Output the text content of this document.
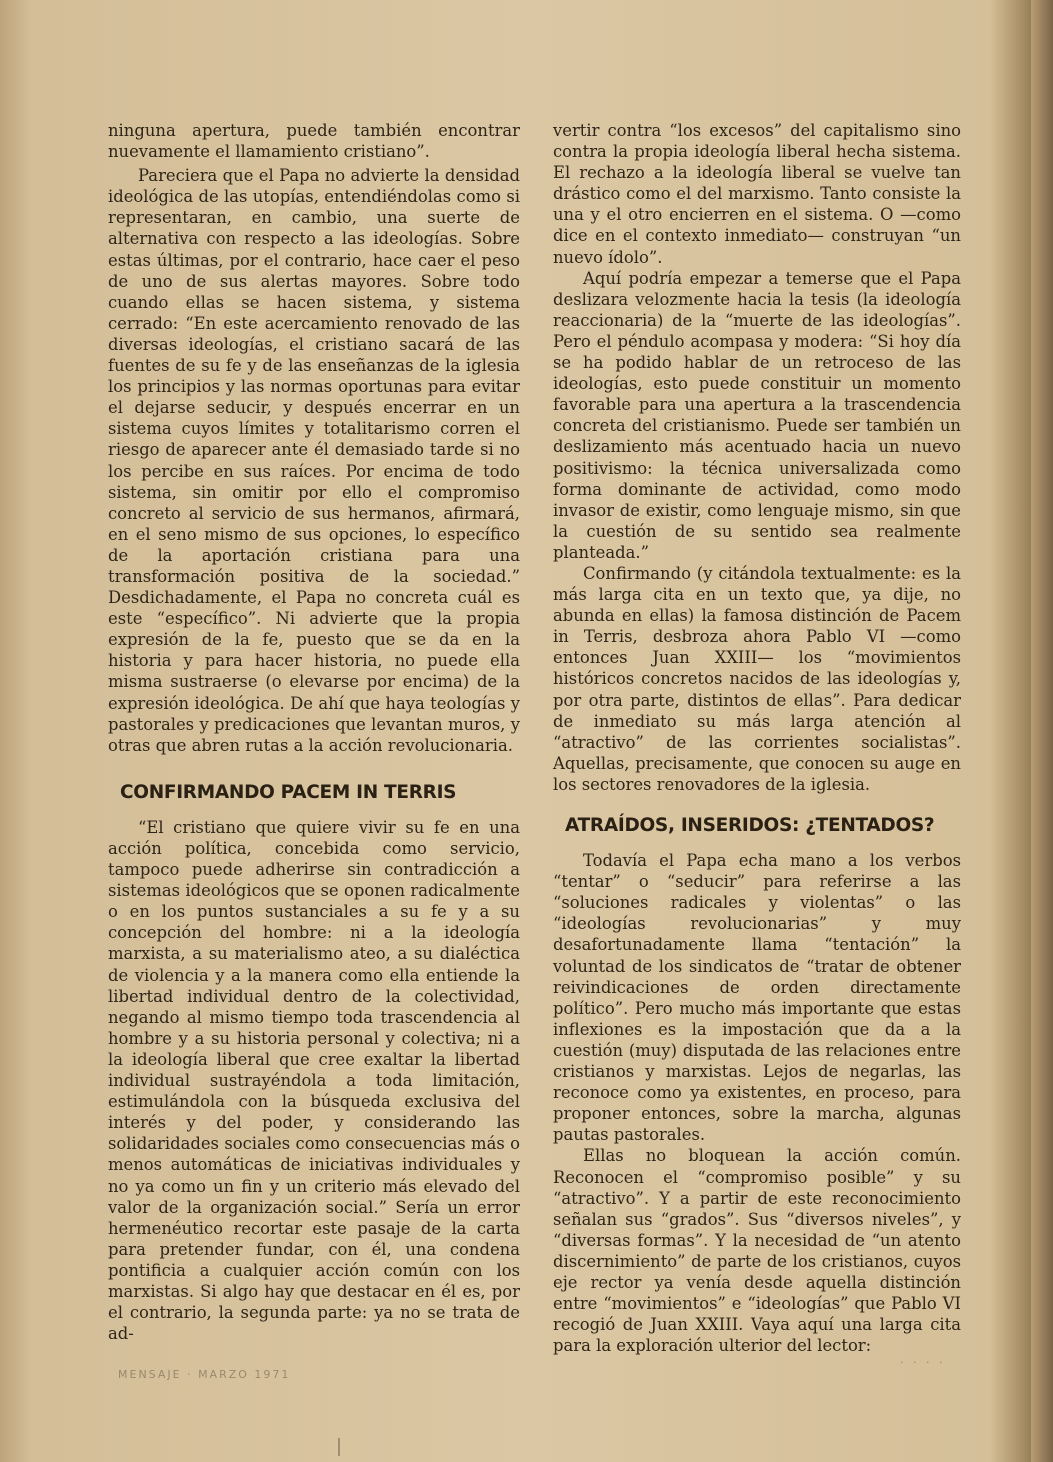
ninguna apertura, puede también encontrar nuevamente el llamamiento cristiano”.

Pareciera que el Papa no advierte la densidad ideológica de las utopías, entendiéndolas como si representaran, en cambio, una suerte de alternativa con respecto a las ideologías. Sobre estas últimas, por el contrario, hace caer el peso de uno de sus alertas mayores. Sobre todo cuando ellas se hacen sistema, y sistema cerrado: “En este acercamiento renovado de las diversas ideologías, el cristiano sacará de las fuentes de su fe y de las enseñanzas de la iglesia los principios y las normas oportunas para evitar el dejarse seducir, y después encerrar en un sistema cuyos límites y totalitarismo corren el riesgo de aparecer ante él demasiado tarde si no los percibe en sus raíces. Por encima de todo sistema, sin omitir por ello el compromiso concreto al servicio de sus hermanos, afirmará, en el seno mismo de sus opciones, lo específico de la aportación cristiana para una transformación positiva de la sociedad.” Desdichadamente, el Papa no concreta cuál es este “específico”. Ni advierte que la propia expresión de la fe, puesto que se da en la historia y para hacer historia, no puede ella misma sustraerse (o elevarse por encima) de la expresión ideológica. De ahí que haya teologías y pastorales y predicaciones que levantan muros, y otras que abren rutas a la acción revolucionaria.

CONFIRMANDO PACEM IN TERRIS

“El cristiano que quiere vivir su fe en una acción política, concebida como servicio, tampoco puede adherirse sin contradicción a sistemas ideológicos que se oponen radicalmente o en los puntos sustanciales a su fe y a su concepción del hombre: ni a la ideología marxista, a su materialismo ateo, a su dialéctica de violencia y a la manera como ella entiende la libertad individual dentro de la colectividad, negando al mismo tiempo toda trascendencia al hombre y a su historia personal y colectiva; ni a la ideología liberal que cree exaltar la libertad individual sustrayéndola a toda limitación, estimulándola con la búsqueda exclusiva del interés y del poder, y considerando las solidaridades sociales como consecuencias más o menos automáticas de iniciativas individuales y no ya como un fin y un criterio más elevado del valor de la organización social.” Sería un error hermenéutico recortar este pasaje de la carta para pretender fundar, con él, una condena pontificia a cualquier acción común con los marxistas. Si algo hay que destacar en él es, por el contrario, la segunda parte: ya no se trata de ad-

vertir contra “los excesos” del capitalismo sino contra la propia ideología liberal hecha sistema. El rechazo a la ideología liberal se vuelve tan drástico como el del marxismo. Tanto consiste la una y el otro encierren en el sistema. O —como dice en el contexto inmediato— construyan “un nuevo ídolo”.

Aquí podría empezar a temerse que el Papa deslizara velozmente hacia la tesis (la ideología reaccionaria) de la “muerte de las ideologías”. Pero el péndulo acompasa y modera: “Si hoy día se ha podido hablar de un retroceso de las ideologías, esto puede constituir un momento favorable para una apertura a la trascendencia concreta del cristianismo. Puede ser también un deslizamiento más acentuado hacia un nuevo positivismo: la técnica universalizada como forma dominante de actividad, como modo invasor de existir, como lenguaje mismo, sin que la cuestión de su sentido sea realmente planteada.”

Confirmando (y citándola textualmente: es la más larga cita en un texto que, ya dije, no abunda en ellas) la famosa distinción de Pacem in Terris, desbroza ahora Pablo VI —como entonces Juan XXIII— los “movimientos históricos concretos nacidos de las ideologías y, por otra parte, distintos de ellas”. Para dedicar de inmediato su más larga atención al “atractivo” de las corrientes socialistas”. Aquellas, precisamente, que conocen su auge en los sectores renovadores de la iglesia.

ATRAÍDOS, INSERIDOS: ¿TENTADOS?

Todavía el Papa echa mano a los verbos “tentar” o “seducir” para referirse a las “soluciones radicales y violentas” o las “ideologías revolucionarias” y muy desafortunadamente llama “tentación” la voluntad de los sindicatos de “tratar de obtener reivindicaciones de orden directamente político”. Pero mucho más importante que estas inflexiones es la impostación que da a la cuestión (muy) disputada de las relaciones entre cristianos y marxistas. Lejos de negarlas, las reconoce como ya existentes, en proceso, para proponer entonces, sobre la marcha, algunas pautas pastorales.

Ellas no bloquean la acción común. Reconocen el “compromiso posible” y su “atractivo”. Y a partir de este reconocimiento señalan sus “grados”. Sus “diversos niveles”, y “diversas formas”. Y la necesidad de “un atento discernimiento” de parte de los cristianos, cuyos eje rector ya venía desde aquella distinción entre “movimientos” e “ideologías” que Pablo VI recogió de Juan XXIII. Vaya aquí una larga cita para la exploración ulterior del lector:

MENSAJE · MARZO 1971
· · · ·
